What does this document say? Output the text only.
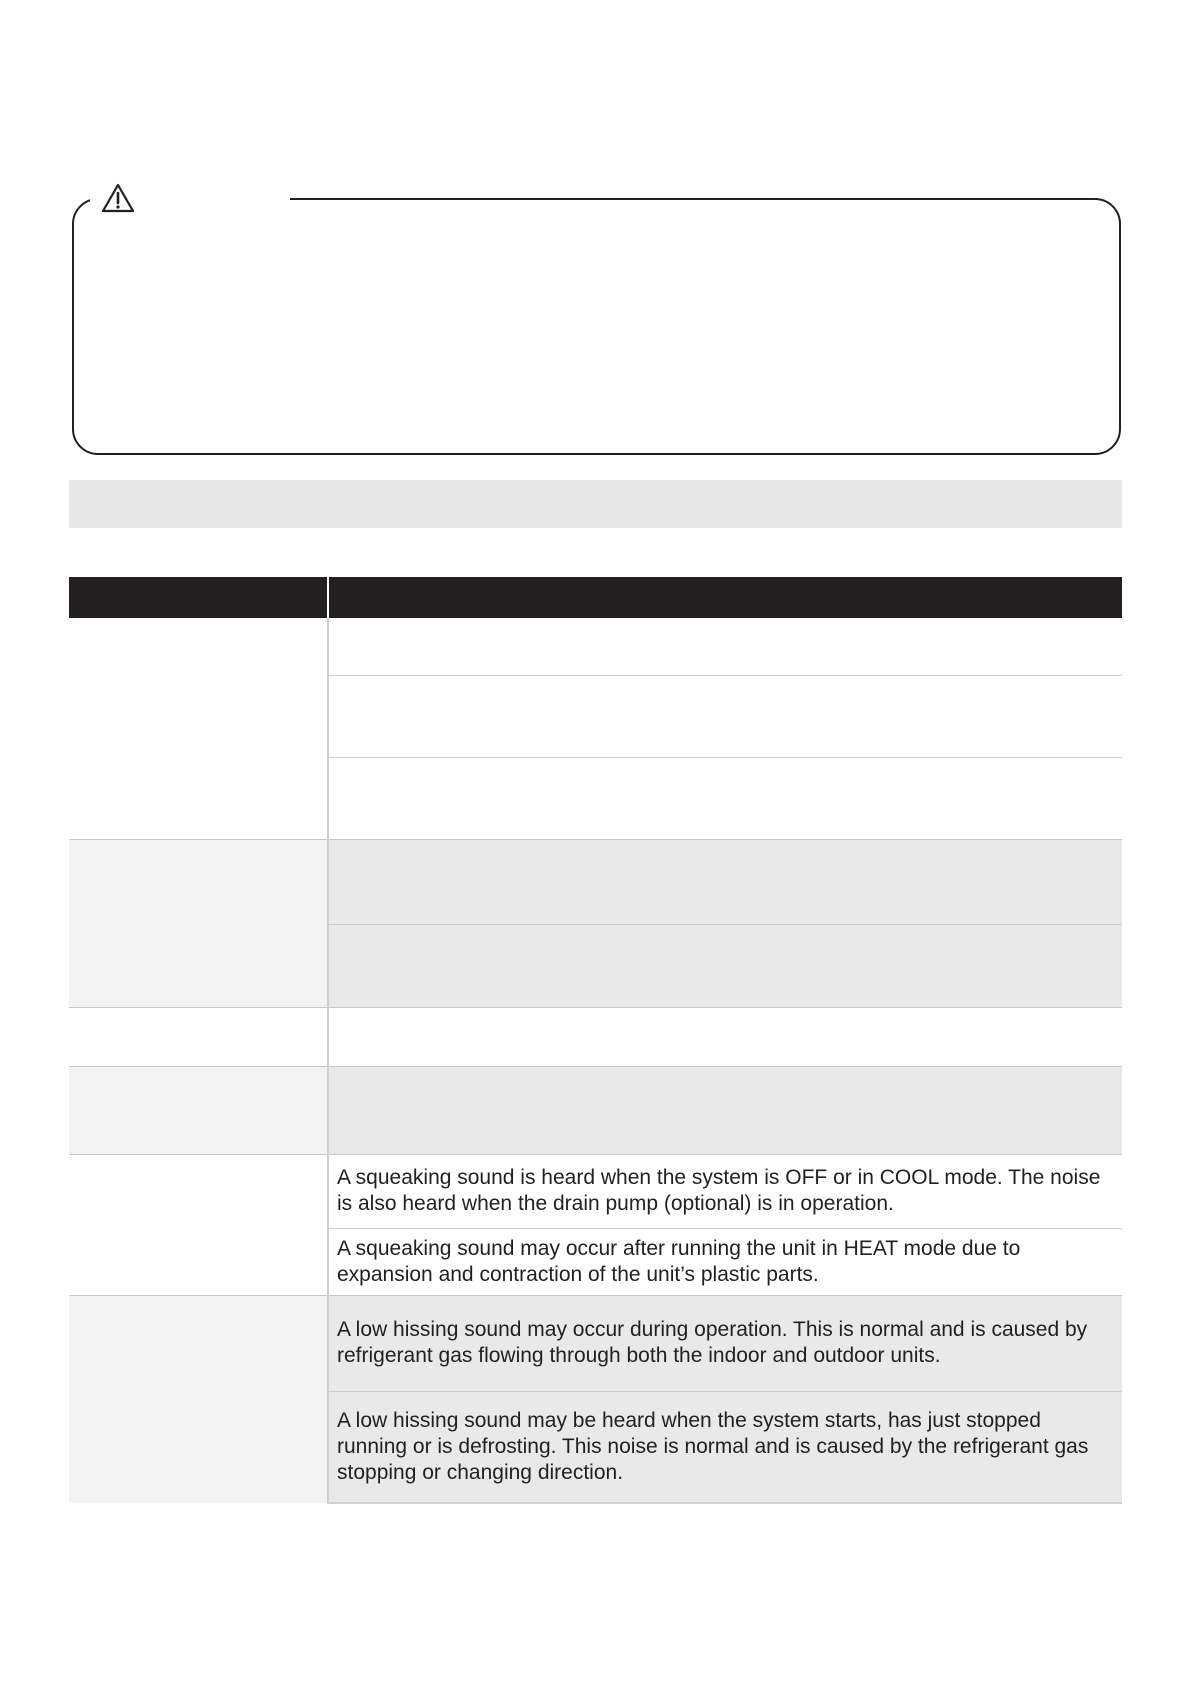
	A squeaking sound is heard when the system is OFF or in COOL mode. The noise is also heard when the drain pump (optional) is in operation.
	A squeaking sound may occur after running the unit in HEAT mode due to expansion and contraction of the unit’s plastic parts.
	A low hissing sound may occur during operation. This is normal and is caused by refrigerant gas flowing through both the indoor and outdoor units.
	A low hissing sound may be heard when the system starts, has just stopped running or is defrosting. This noise is normal and is caused by the refrigerant gas stopping or changing direction.
